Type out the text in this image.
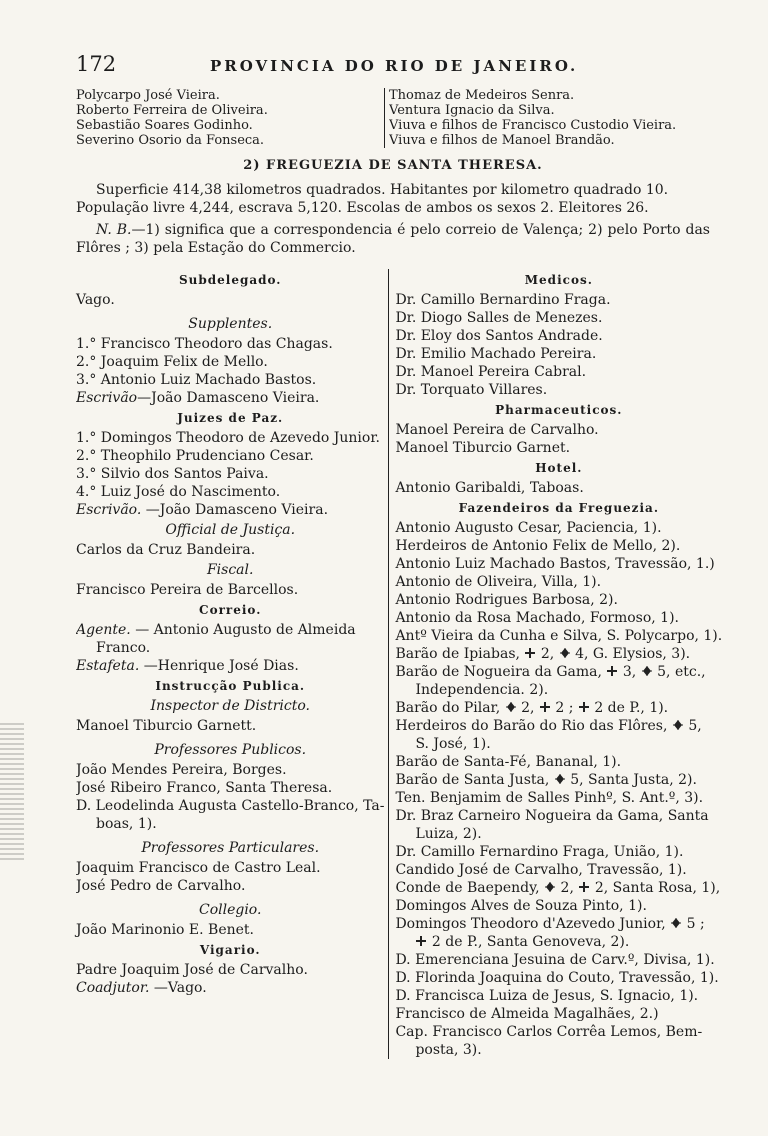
172	PROVINCIA DO RIO DE JANEIRO.
Polycarpo José Vieira.
Roberto Ferreira de Oliveira.
Sebastião Soares Godinho.
Severino Osorio da Fonseca.
Thomaz de Medeiros Senra.
Ventura Ignacio da Silva.
Viuva e filhos de Francisco Custodio Vieira.
Viuva e filhos de Manoel Brandão.
2) FREGUEZIA DE SANTA THERESA.
Superficie 414,38 kilometros quadrados. Habitantes por kilometro quadrado 10.
População livre 4,244, escrava 5,120. Escolas de ambos os sexos 2. Eleitores 26.
N. B.—1) significa que a correspondencia é pelo correio de Valença; 2) pelo Porto das Flôres ; 3) pela Estação do Commercio.
Subdelegado.
Vago.
Supplentes.
1.° Francisco Theodoro das Chagas.
2.° Joaquim Felix de Mello.
3.° Antonio Luiz Machado Bastos.
Escrivão—João Damasceno Vieira.
Juizes de Paz.
1.° Domingos Theodoro de Azevedo Junior.
2.° Theophilo Prudenciano Cesar.
3.° Silvio dos Santos Paiva.
4.° Luiz José do Nascimento.
Escrivão. —João Damasceno Vieira.
Official de Justiça.
Carlos da Cruz Bandeira.
Fiscal.
Francisco Pereira de Barcellos.
Correio.
Agente. — Antonio Augusto de Almeida
Franco.
Estafeta. —Henrique José Dias.
Instrucção Publica.
Inspector de Districto.
Manoel Tiburcio Garnett.
Professores Publicos.
João Mendes Pereira, Borges.
José Ribeiro Franco, Santa Theresa.
D. Leodelinda Augusta Castello-Branco, Ta-
boas, 1).
Professores Particulares.
Joaquim Francisco de Castro Leal.
José Pedro de Carvalho.
Collegio.
João Marinonio E. Benet.
Vigario.
Padre Joaquim José de Carvalho.
Coadjutor. —Vago.
Medicos.
Dr. Camillo Bernardino Fraga.
Dr. Diogo Salles de Menezes.
Dr. Eloy dos Santos Andrade.
Dr. Emilio Machado Pereira.
Dr. Manoel Pereira Cabral.
Dr. Torquato Villares.
Pharmaceuticos.
Manoel Pereira de Carvalho.
Manoel Tiburcio Garnet.
Hotel.
Antonio Garibaldi, Taboas.
Fazendeiros da Freguezia.
Antonio Augusto Cesar, Paciencia, 1).
Herdeiros de Antonio Felix de Mello, 2).
Antonio Luiz Machado Bastos, Travessão, 1.)
Antonio de Oliveira, Villa, 1).
Antonio Rodrigues Barbosa, 2).
Antonio da Rosa Machado, Formoso, 1).
Antº Vieira da Cunha e Silva, S. Polycarpo, 1).
Barão de Ipiabas, 2, 4, G. Elysios, 3).
Barão de Nogueira da Gama, 3, 5, etc.,
Independencia. 2).
Barão do Pilar, 2, 2 ; 2 de P., 1).
Herdeiros do Barão do Rio das Flôres, 5,
S. José, 1).
Barão de Santa-Fé, Bananal, 1).
Barão de Santa Justa, 5, Santa Justa, 2).
Ten. Benjamim de Salles Pinhº, S. Ant.º, 3).
Dr. Braz Carneiro Nogueira da Gama, Santa
Luiza, 2).
Dr. Camillo Fernardino Fraga, União, 1).
Candido José de Carvalho, Travessão, 1).
Conde de Baependy, 2, 2, Santa Rosa, 1),
Domingos Alves de Souza Pinto, 1).
Domingos Theodoro d'Azevedo Junior, 5 ;
2 de P., Santa Genoveva, 2).
D. Emerenciana Jesuina de Carv.º, Divisa, 1).
D. Florinda Joaquina do Couto, Travessão, 1).
D. Francisca Luiza de Jesus, S. Ignacio, 1).
Francisco de Almeida Magalhães, 2.)
Cap. Francisco Carlos Corrêa Lemos, Bem-
posta, 3).
